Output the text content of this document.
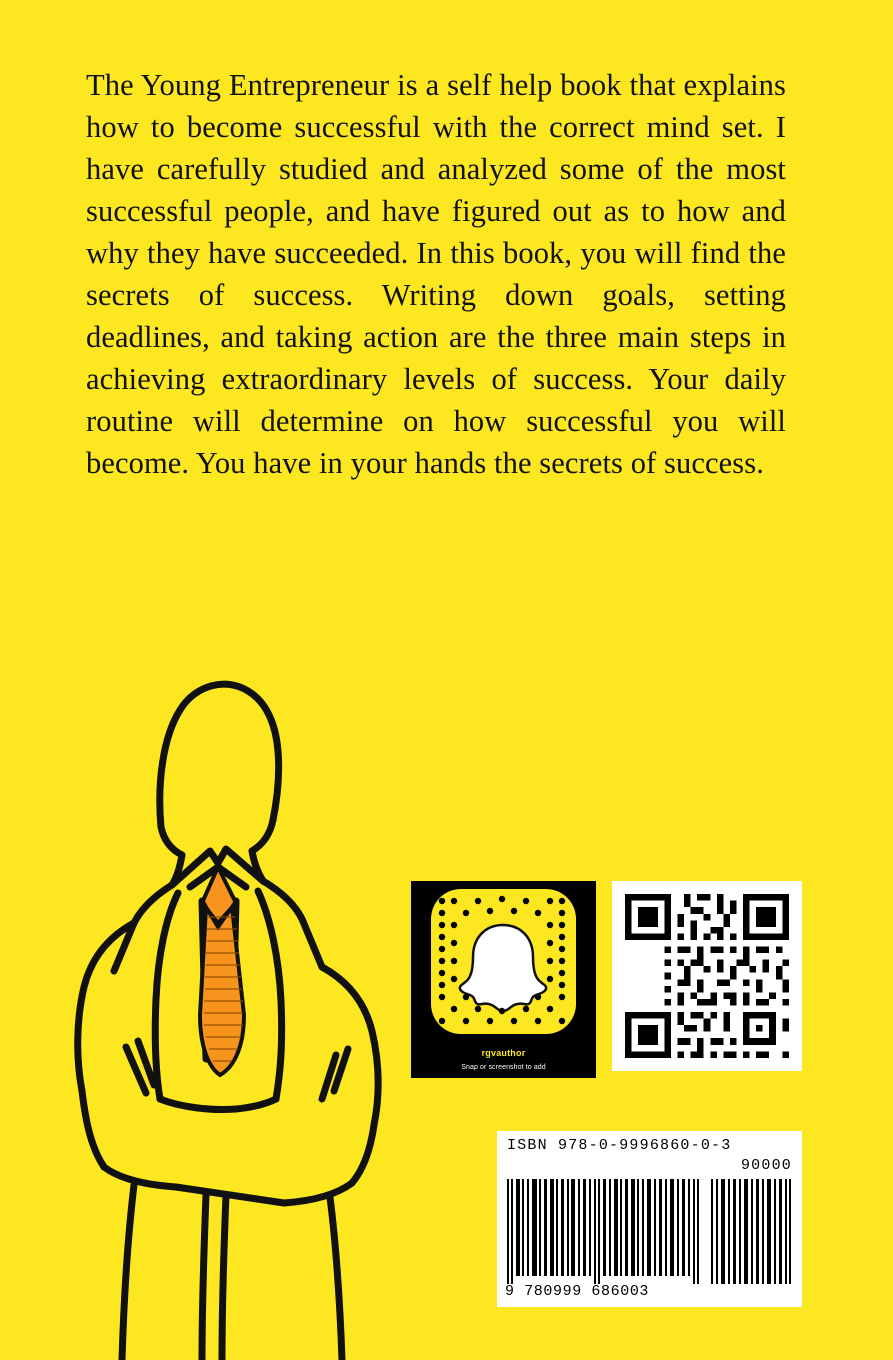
The Young Entrepreneur is a self help book that explains how to become successful with the correct mind set. I have carefully studied and analyzed some of the most successful people, and have figured out as to how and why they have succeeded. In this book, you will find the secrets of success. Writing down goals, setting deadlines, and taking action are the three main steps in achieving extraordinary levels of success. Your daily routine will determine on how successful you will become. You have in your hands the secrets of success.
rgvauthor
Snap or screenshot to add
ISBN 978-0-9996860-0-3
90000
9 780999 686003
